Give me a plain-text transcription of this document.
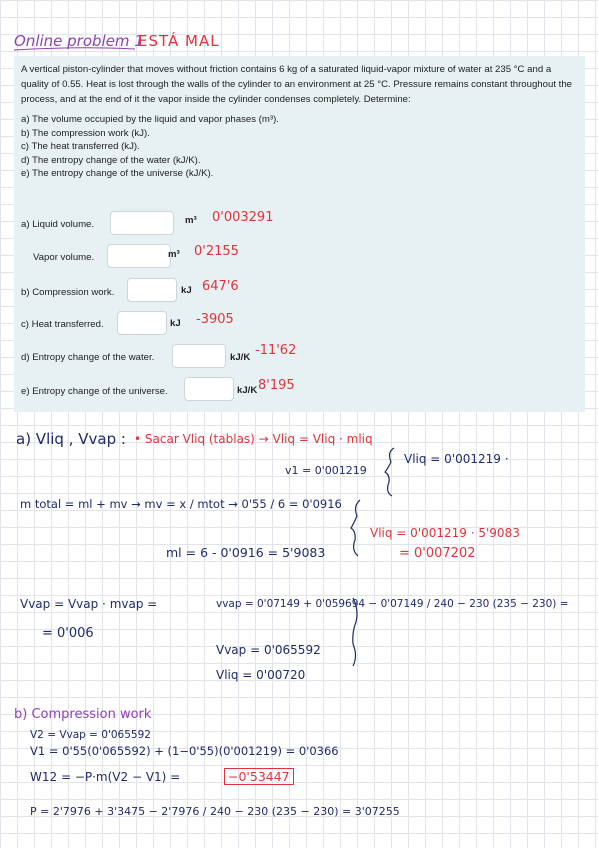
Online problem 1
ESTÁ MAL
A vertical piston-cylinder that moves without friction contains 6 kg of a saturated liquid-vapor mixture of water at 235 °C and a quality of 0.55. Heat is lost through the walls of the cylinder to an environment at 25 °C. Pressure remains constant throughout the process, and at the end of it the vapor inside the cylinder condenses completely. Determine:
a) The volume occupied by the liquid and vapor phases (m³).
b) The compression work (kJ).
c) The heat transferred (kJ).
d) The entropy change of the water (kJ/K).
e) The entropy change of the universe (kJ/K).
a) Liquid volume.	m³ 0'003291
Vapor volume.	m³ 0'2155
b) Compression work.	kJ 647'6
c) Heat transferred.	kJ -3905
d) Entropy change of the water.	kJ/K -11'62
e) Entropy change of the universe.	kJ/K 8'195
a) Vliq , Vvap : • Sacar Vliq (tablas) → Vliq = Vliq · mliq
Vliq = 0'001219 ·
v1 = 0'001219
m total = ml + mv → mv = x / mtot → 0'55 / 6 = 0'0916
ml = 6 - 0'0916 = 5'9083
Vliq = 0'001219 · 5'9083
= 0'007202
Vvap = Vvap · mvap =
= 0'006
vvap = 0'07149 + 0'059694 − 0'07149 / 240 − 230 (235 − 230) =
Vvap = 0'065592
Vliq = 0'00720
b) Compression work
V2 = Vvap = 0'065592
V1 = 0'55(0'065592) + (1−0'55)(0'001219) = 0'0366
W12 = −P·m(V2 − V1) =	−0'53447
P = 2'7976 + 3'3475 − 2'7976 / 240 − 230 (235 − 230) = 3'07255
